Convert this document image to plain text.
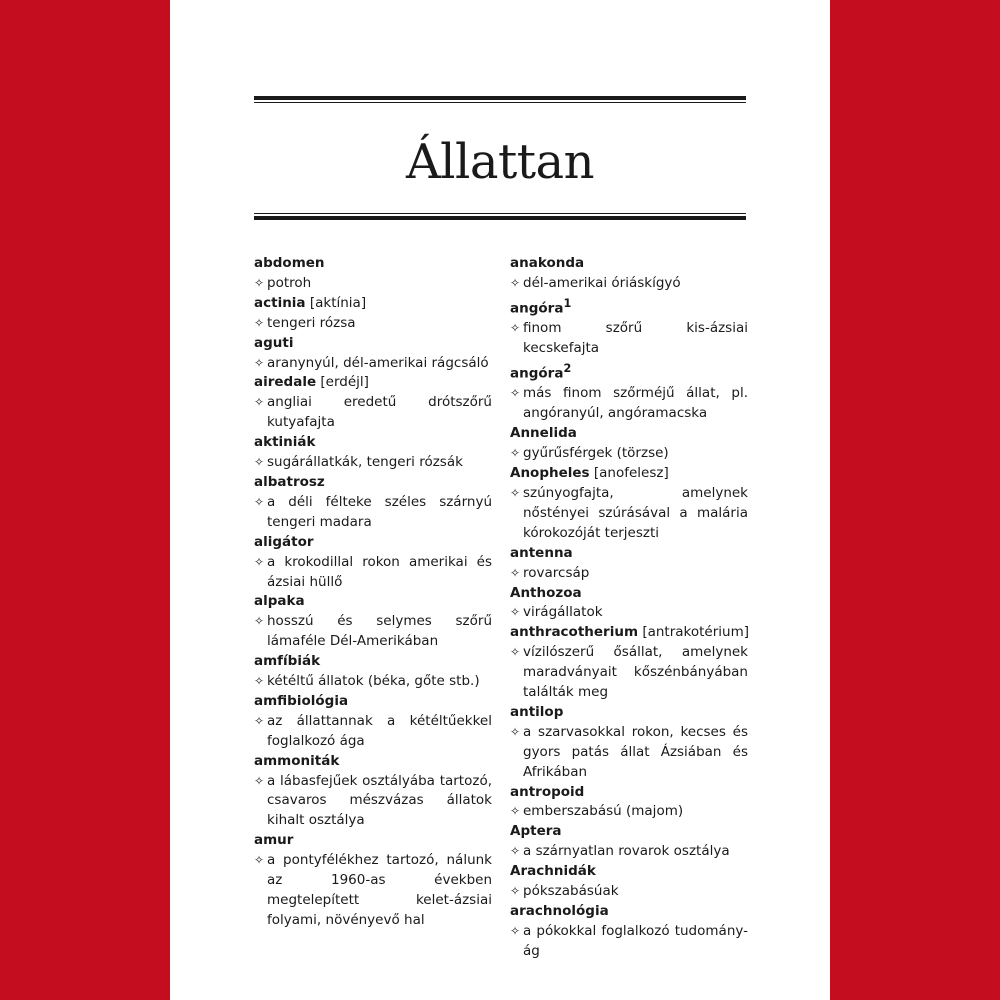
Állattan
abdomen
✧ potroh
actinia [aktínia]
✧ tengeri rózsa
aguti
✧ aranynyúl, dél-amerikai rágcsáló
airedale [erdéjl]
✧ angliai eredetű drótszőrű kutyafajta
aktiniák
✧ sugárállatkák, tengeri rózsák
albatrosz
✧ a déli félteke széles szárnyú tengeri madara
aligátor
✧ a krokodillal rokon amerikai és ázsiai hüllő
alpaka
✧ hosszú és selymes szőrű lámaféle Dél-Amerikában
amfíbiák
✧ kétéltű állatok (béka, gőte stb.)
amfibiológia
✧ az állattannak a kétéltűekkel foglalkozó ága
ammoniták
✧ a lábasfejűek osztályába tartozó, csavaros mészvázas állatok kihalt osztálya
amur
✧ a pontyfélékhez tartozó, nálunk az 1960-as években megtelepített kelet-ázsiai folyami, növényevő hal
anakonda
✧ dél-amerikai óriáskígyó
angóra$^1$
✧ finom szőrű kis-ázsiai kecskefajta
angóra$^2$
✧ más finom szőrméjű állat, pl. angóranyúl, angóramacska
Annelida
✧ gyűrűsférgek (törzse)
Anopheles [anofelesz]
✧ szúnyogfajta, amelynek nőstényei szúrásával a malária kórokozóját terjeszti
antenna
✧ rovarcsáp
Anthozoa
✧ virágállatok
anthracotherium [antrakotérium]
✧ vízilószerű ősállat, amelynek maradványait kőszénbányában találták meg
antilop
✧ a szarvasokkal rokon, kecses és gyors patás állat Ázsiában és Afrikában
antropoid
✧ emberszabású (majom)
Aptera
✧ a szárnyatlan rovarok osztálya
Arachnidák
✧ pókszabásúak
arachnológia
✧ a pókokkal foglalkozó tudomány-ág
